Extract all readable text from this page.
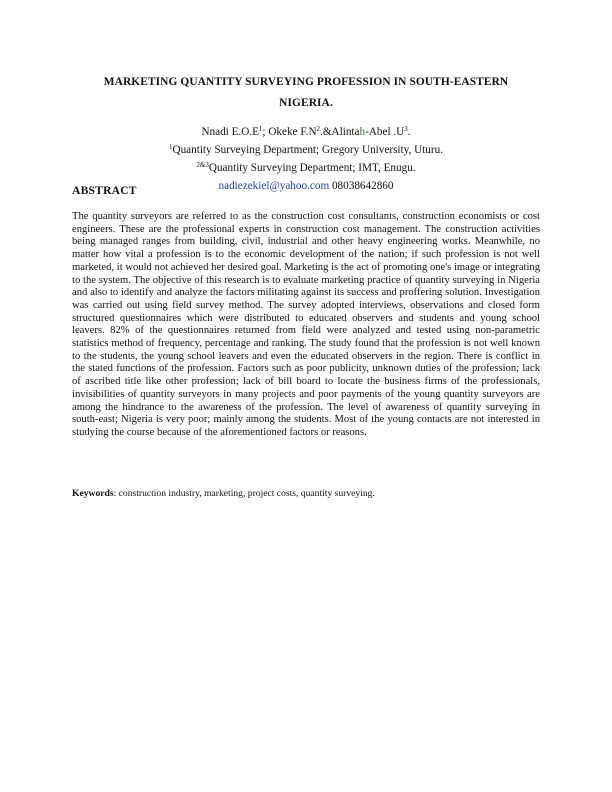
MARKETING QUANTITY SURVEYING PROFESSION IN SOUTH-EASTERN
NIGERIA.
Nnadi $E.O.E^1$; Okeke $F.N^2.\&Alintah$-Abel $.U^3$.
$^1$Quantity Surveying Department; Gregory University, Uturu.
$^{2\&3}$Quantity Surveying Department; IMT, Enugu.
nadiezekiel@yahoo.com 08038642860
ABSTRACT

The quantity surveyors are referred to as the construction cost consultants, construction economists or cost engineers. These are the professional experts in construction cost management. The construction activities being managed ranges from building, civil, industrial and other heavy engineering works. Meanwhile, no matter how vital a profession is to the economic development of the nation; if such profession is not well marketed, it would not achieved her desired goal. Marketing is the act of promoting one's image or integrating to the system. The objective of this research is to evaluate marketing practice of quantity surveying in Nigeria and also to identify and analyze the factors militating against its success and proffering solution. Investigation was carried out using field survey method. The survey adopted interviews, observations and closed form structured questionnaires which were distributed to educated observers and students and young school leavers. 82% of the questionnaires returned from field were analyzed and tested using non-parametric statistics method of frequency, percentage and ranking. The study found that the profession is not well known to the students, the young school leavers and even the educated observers in the region. There is conflict in the stated functions of the profession. Factors such as poor publicity, unknown duties of the profession; lack of ascribed title like other profession; lack of bill board to locate the business firms of the professionals, invisibilities of quantity surveyors in many projects and poor payments of the young quantity surveyors are among the hindrance to the awareness of the profession. The level of awareness of quantity surveying in south-east; Nigeria is very poor; mainly among the students. Most of the young contacts are not interested in studying the course because of the aforementioned factors or reasons.

Keywords: construction industry, marketing, project costs, quantity surveying.
